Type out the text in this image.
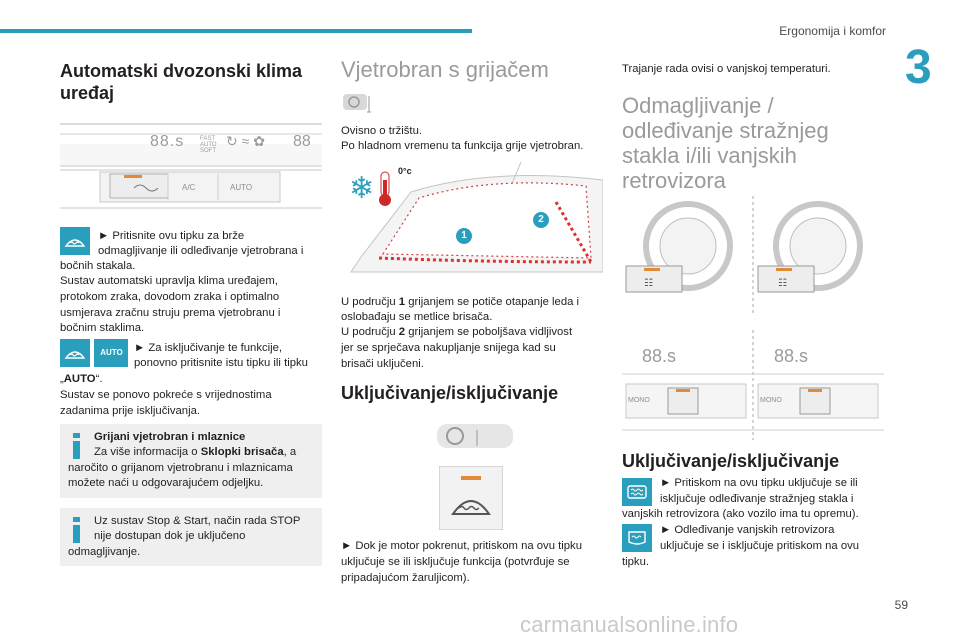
Ergonomija i komfor
3
59
carmanualsonline.info
Automatski dvozonski klima uređaj
88.s	FAST
AUTO
SOFT
↻ ≈ ✿ 88
A/C	AUTO
► Pritisnite ovu tipku za brže
odmagljivanje ili odleđivanje vjetrobrana i
bočnih stakala.
Sustav automatski upravlja klima uređajem,
protokom zraka, dovodom zraka i optimalno
usmjerava zračnu struju prema vjetrobranu i
bočnim staklima.
AUTO ► Za isključivanje te funkcije,
ponovno pritisnite istu tipku ili tipku
„AUTO“.
Sustav se ponovo pokreće s vrijednostima
zadanima prije isključivanja.
Grijani vjetrobran i mlaznice
Za više informacija o Sklopki brisača, a
naročito o grijanom vjetrobranu i mlaznicama
možete naći u odgovarajućem odjeljku.
Uz sustav Stop & Start, način rada STOP
nije dostupan dok je uključeno
odmagljivanje.
Vjetrobran s grijačem
Ovisno o tržištu.
Po hladnom vremenu ta funkcija grije vjetrobran.
❄	0°c
1
2
U području 1 grijanjem se potiče otapanje leda i
oslobađaju se metlice brisača.
U području 2 grijanjem se poboljšava vidljivost
jer se sprječava nakupljanje snijega kad su
brisači uključeni.
Uključivanje/isključivanje
► Dok je motor pokrenut, pritiskom na ovu tipku
uključuje se ili isključuje funkcija (potvrđuje se
pripadajućom žaruljicom).
Trajanje rada ovisi o vanjskoj temperaturi.
Odmagljivanje /
odleđivanje stražnjeg
stakla i/ili vanjskih
retrovizora
☷	☷
88.s	88.s
MONO	MONO
Uključivanje/isključivanje
► Pritiskom na ovu tipku uključuje se ili
isključuje odleđivanje stražnjeg stakla i
vanjskih retrovizora (ako vozilo ima tu opremu).
► Odleđivanje vanjskih retrovizora
uključuje se i isključuje pritiskom na ovu
tipku.
